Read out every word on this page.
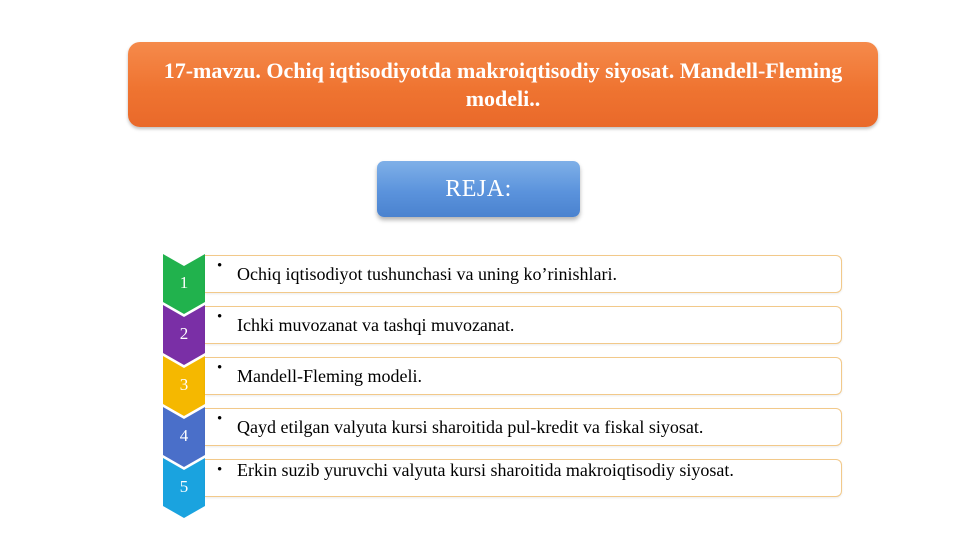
17-mavzu. Ochiq iqtisodiyotda makroiqtisodiy siyosat. Mandell-Fleming modeli..
REJA:
1
• Ochiq iqtisodiyot tushunchasi va uning ko’rinishlari.
2
• Ichki muvozanat va tashqi muvozanat.
3
• Mandell-Fleming modeli.
4
• Qayd etilgan valyuta kursi sharoitida pul-kredit va fiskal siyosat.
5
• Erkin suzib yuruvchi valyuta kursi sharoitida makroiqtisodiy siyosat.
